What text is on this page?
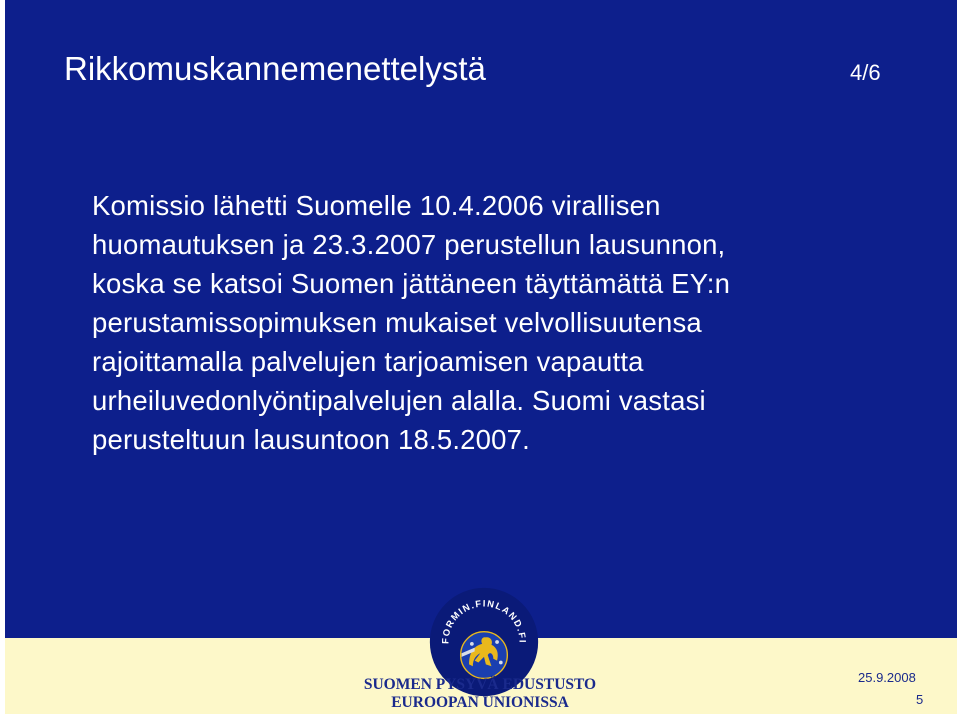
Rikkomuskannemenettelystä	4/6

Komissio lähetti Suomelle 10.4.2006 virallisen
huomautuksen ja 23.3.2007 perustellun lausunnon,
koska se katsoi Suomen jättäneen täyttämättä EY:n
perustamissopimuksen mukaiset velvollisuutensa
rajoittamalla palvelujen tarjoamisen vapautta
urheiluvedonlyöntipalvelujen alalla. Suomi vastasi
perusteltuun lausuntoon 18.5.2007.

FORMIN.FINLAND.FI
SUOMEN PYSYVÄ EDUSTUSTO
EUROOPAN UNIONISSA
25.9.2008
5
